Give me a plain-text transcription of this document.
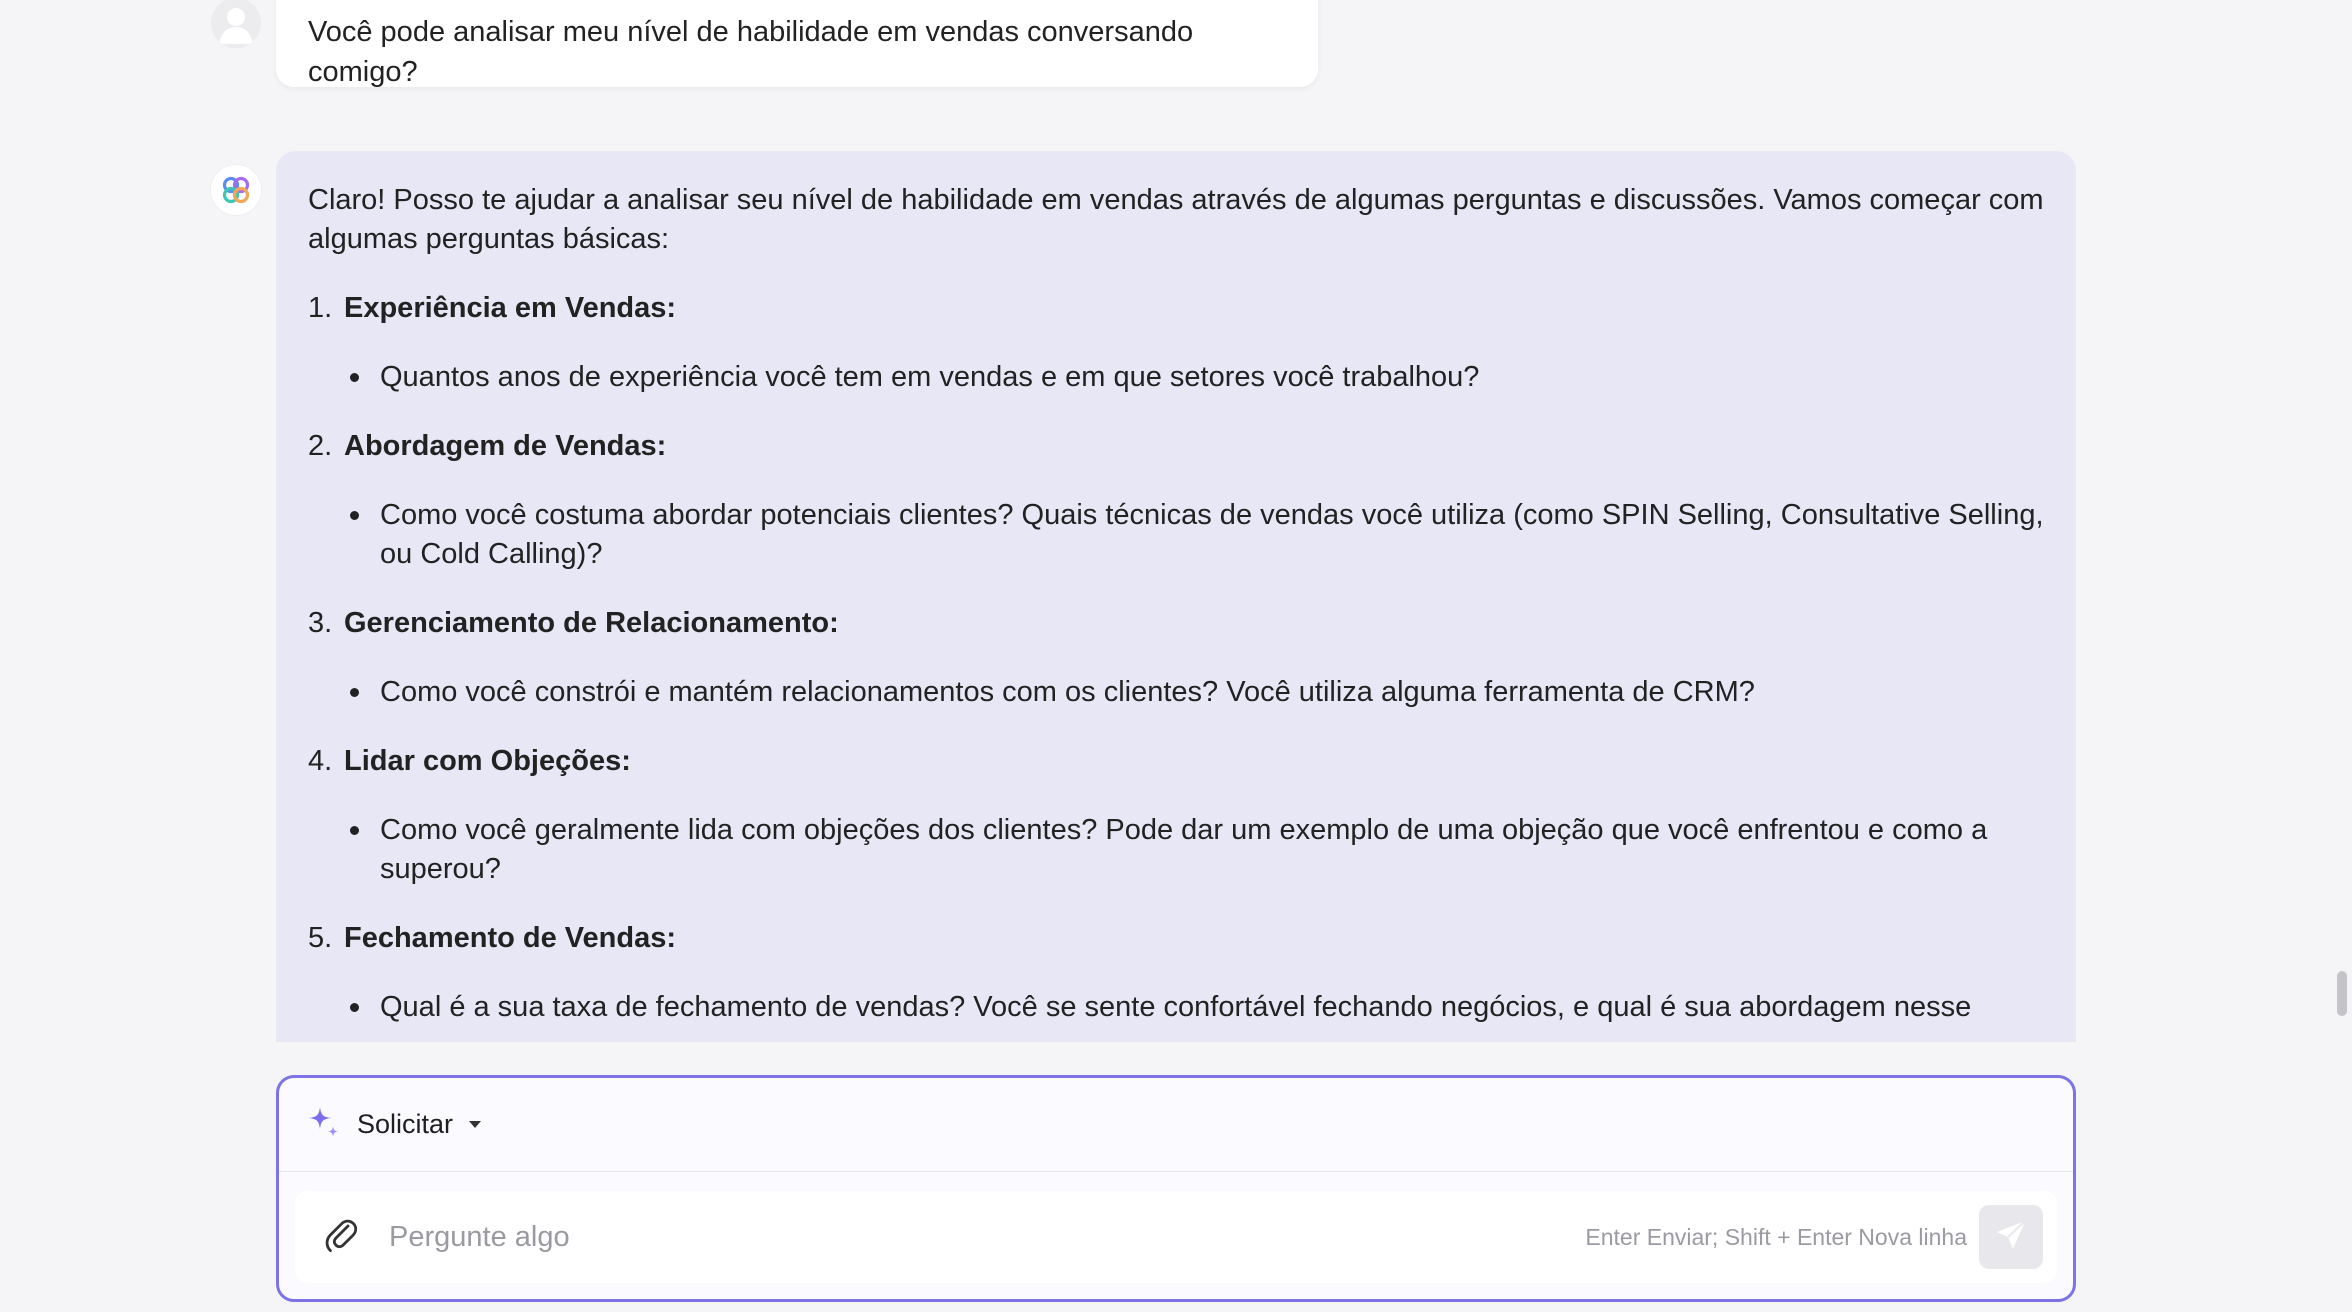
Você pode analisar meu nível de habilidade em vendas conversando comigo?

Claro! Posso te ajudar a analisar seu nível de habilidade em vendas através de algumas perguntas e discussões. Vamos começar com algumas perguntas básicas:

1. Experiência em Vendas:
Quantos anos de experiência você tem em vendas e em que setores você trabalhou?
2. Abordagem de Vendas:
Como você costuma abordar potenciais clientes? Quais técnicas de vendas você utiliza (como SPIN Selling, Consultative Selling, ou Cold Calling)?
3. Gerenciamento de Relacionamento:
Como você constrói e mantém relacionamentos com os clientes? Você utiliza alguma ferramenta de CRM?
4. Lidar com Objeções:
Como você geralmente lida com objeções dos clientes? Pode dar um exemplo de uma objeção que você enfrentou e como a superou?
5. Fechamento de Vendas:
Qual é a sua taxa de fechamento de vendas? Você se sente confortável fechando negócios, e qual é sua abordagem nesse
Solicitar
Pergunte algo
Enter Enviar; Shift + Enter Nova linha
